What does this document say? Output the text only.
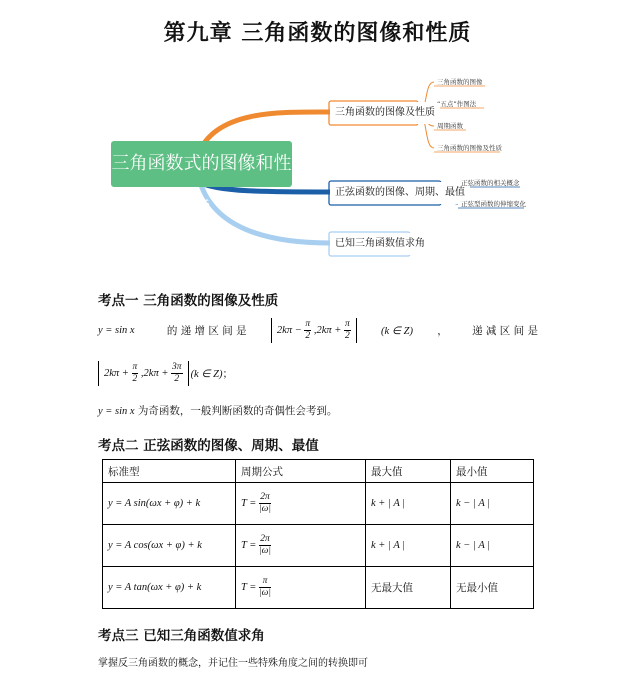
第九章 三角函数的图像和性质
三角函数式的图像和性质
三角函数的图像及性质
正弦函数的图像、周期、最值
已知三角函数值求角
三角函数的图像
“五点”作图法
周期函数
三角函数的图像及性质
正弦函数的相关概念
正弦型函数的伸缩变化
考点一 三角函数的图像及性质
y = sin x	的 递 增 区 间 是	$2k\pi - \frac{\pi}{2} ,2k\pi + \frac{\pi}{2}$	(k ∈ Z) ， 递 减 区 间 是
$2k\pi + \frac{\pi}{2} ,2k\pi + \frac{3\pi}{2} (k$ ∈ Z) ；
y = sin x 为奇函数，一般判断函数的奇偶性会考到。
考点二 正弦函数的图像、周期、最值
标准型	周期公式	最大值	最小值
y = A sin(ωx + φ) + k	$T = \frac{2\pi}{|\omega|}$	k + | A |	k − | A |
y = A cos(ωx + φ) + k	$T = \frac{2\pi}{|\omega|}$	k + | A |	k − | A |
y = A tan(ωx + φ) + k	$T = \frac{\pi}{|\omega|}$	无最大值	无最小值
考点三 已知三角函数值求角
掌握反三角函数的概念，并记住一些特殊角度之间的转换即可
